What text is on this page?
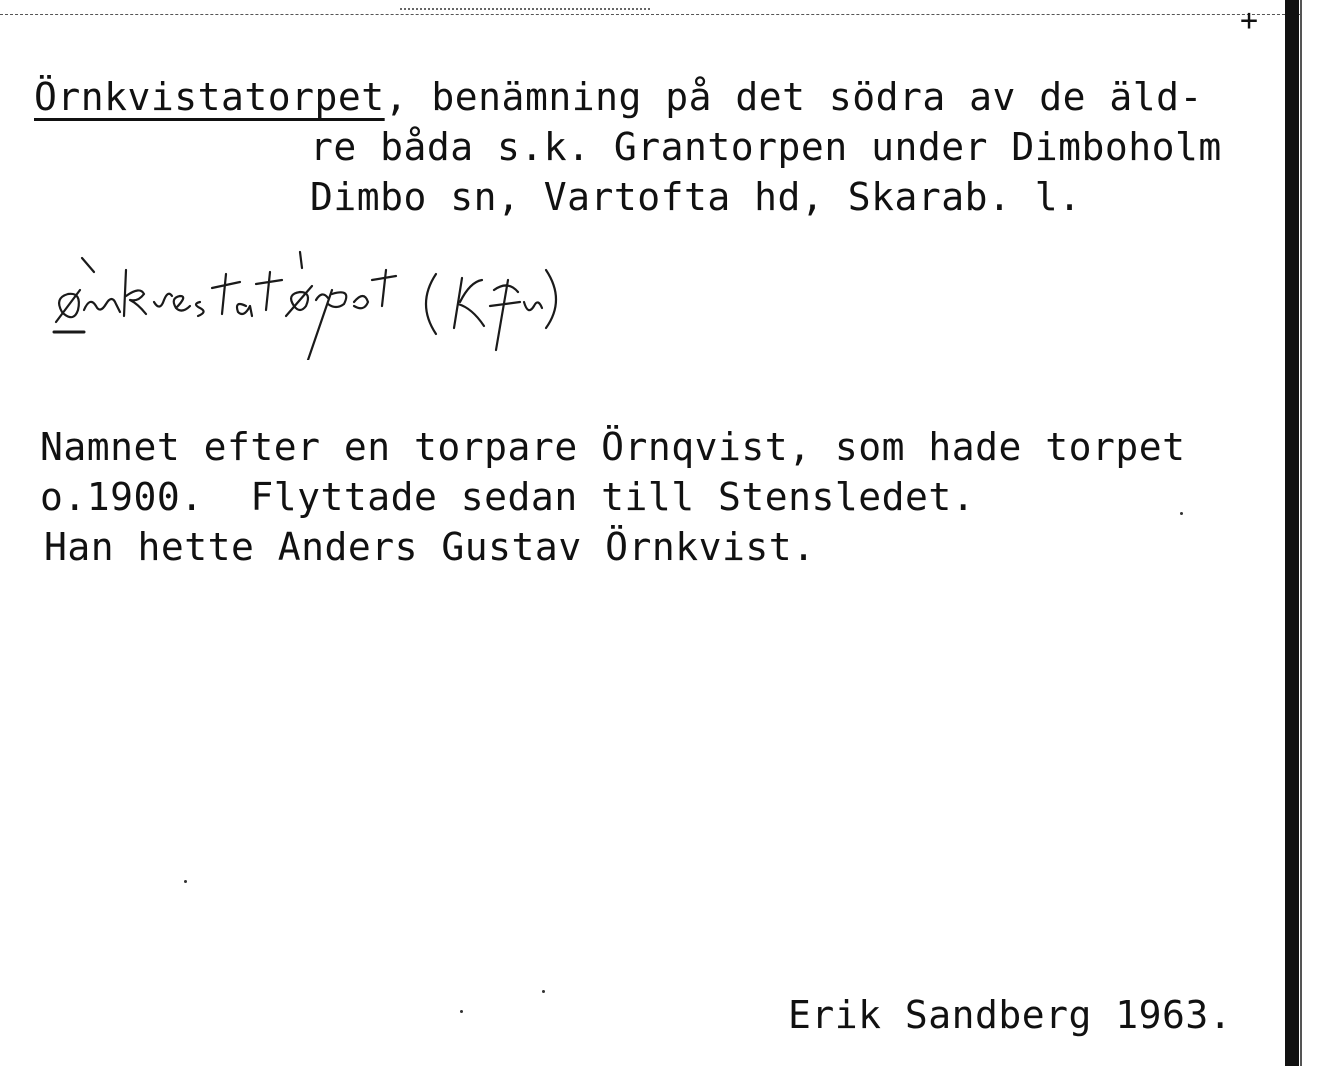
+
Örnkvistatorpet, benämning på det södra av de äld-
re båda s.k. Grantorpen under Dimboholm
Dimbo sn, Vartofta hd, Skarab. l.
Namnet efter en torpare Örnqvist, som hade torpet
o.1900.  Flyttade sedan till Stensledet.
Han hette Anders Gustav Örnkvist.
Erik Sandberg 1963.
